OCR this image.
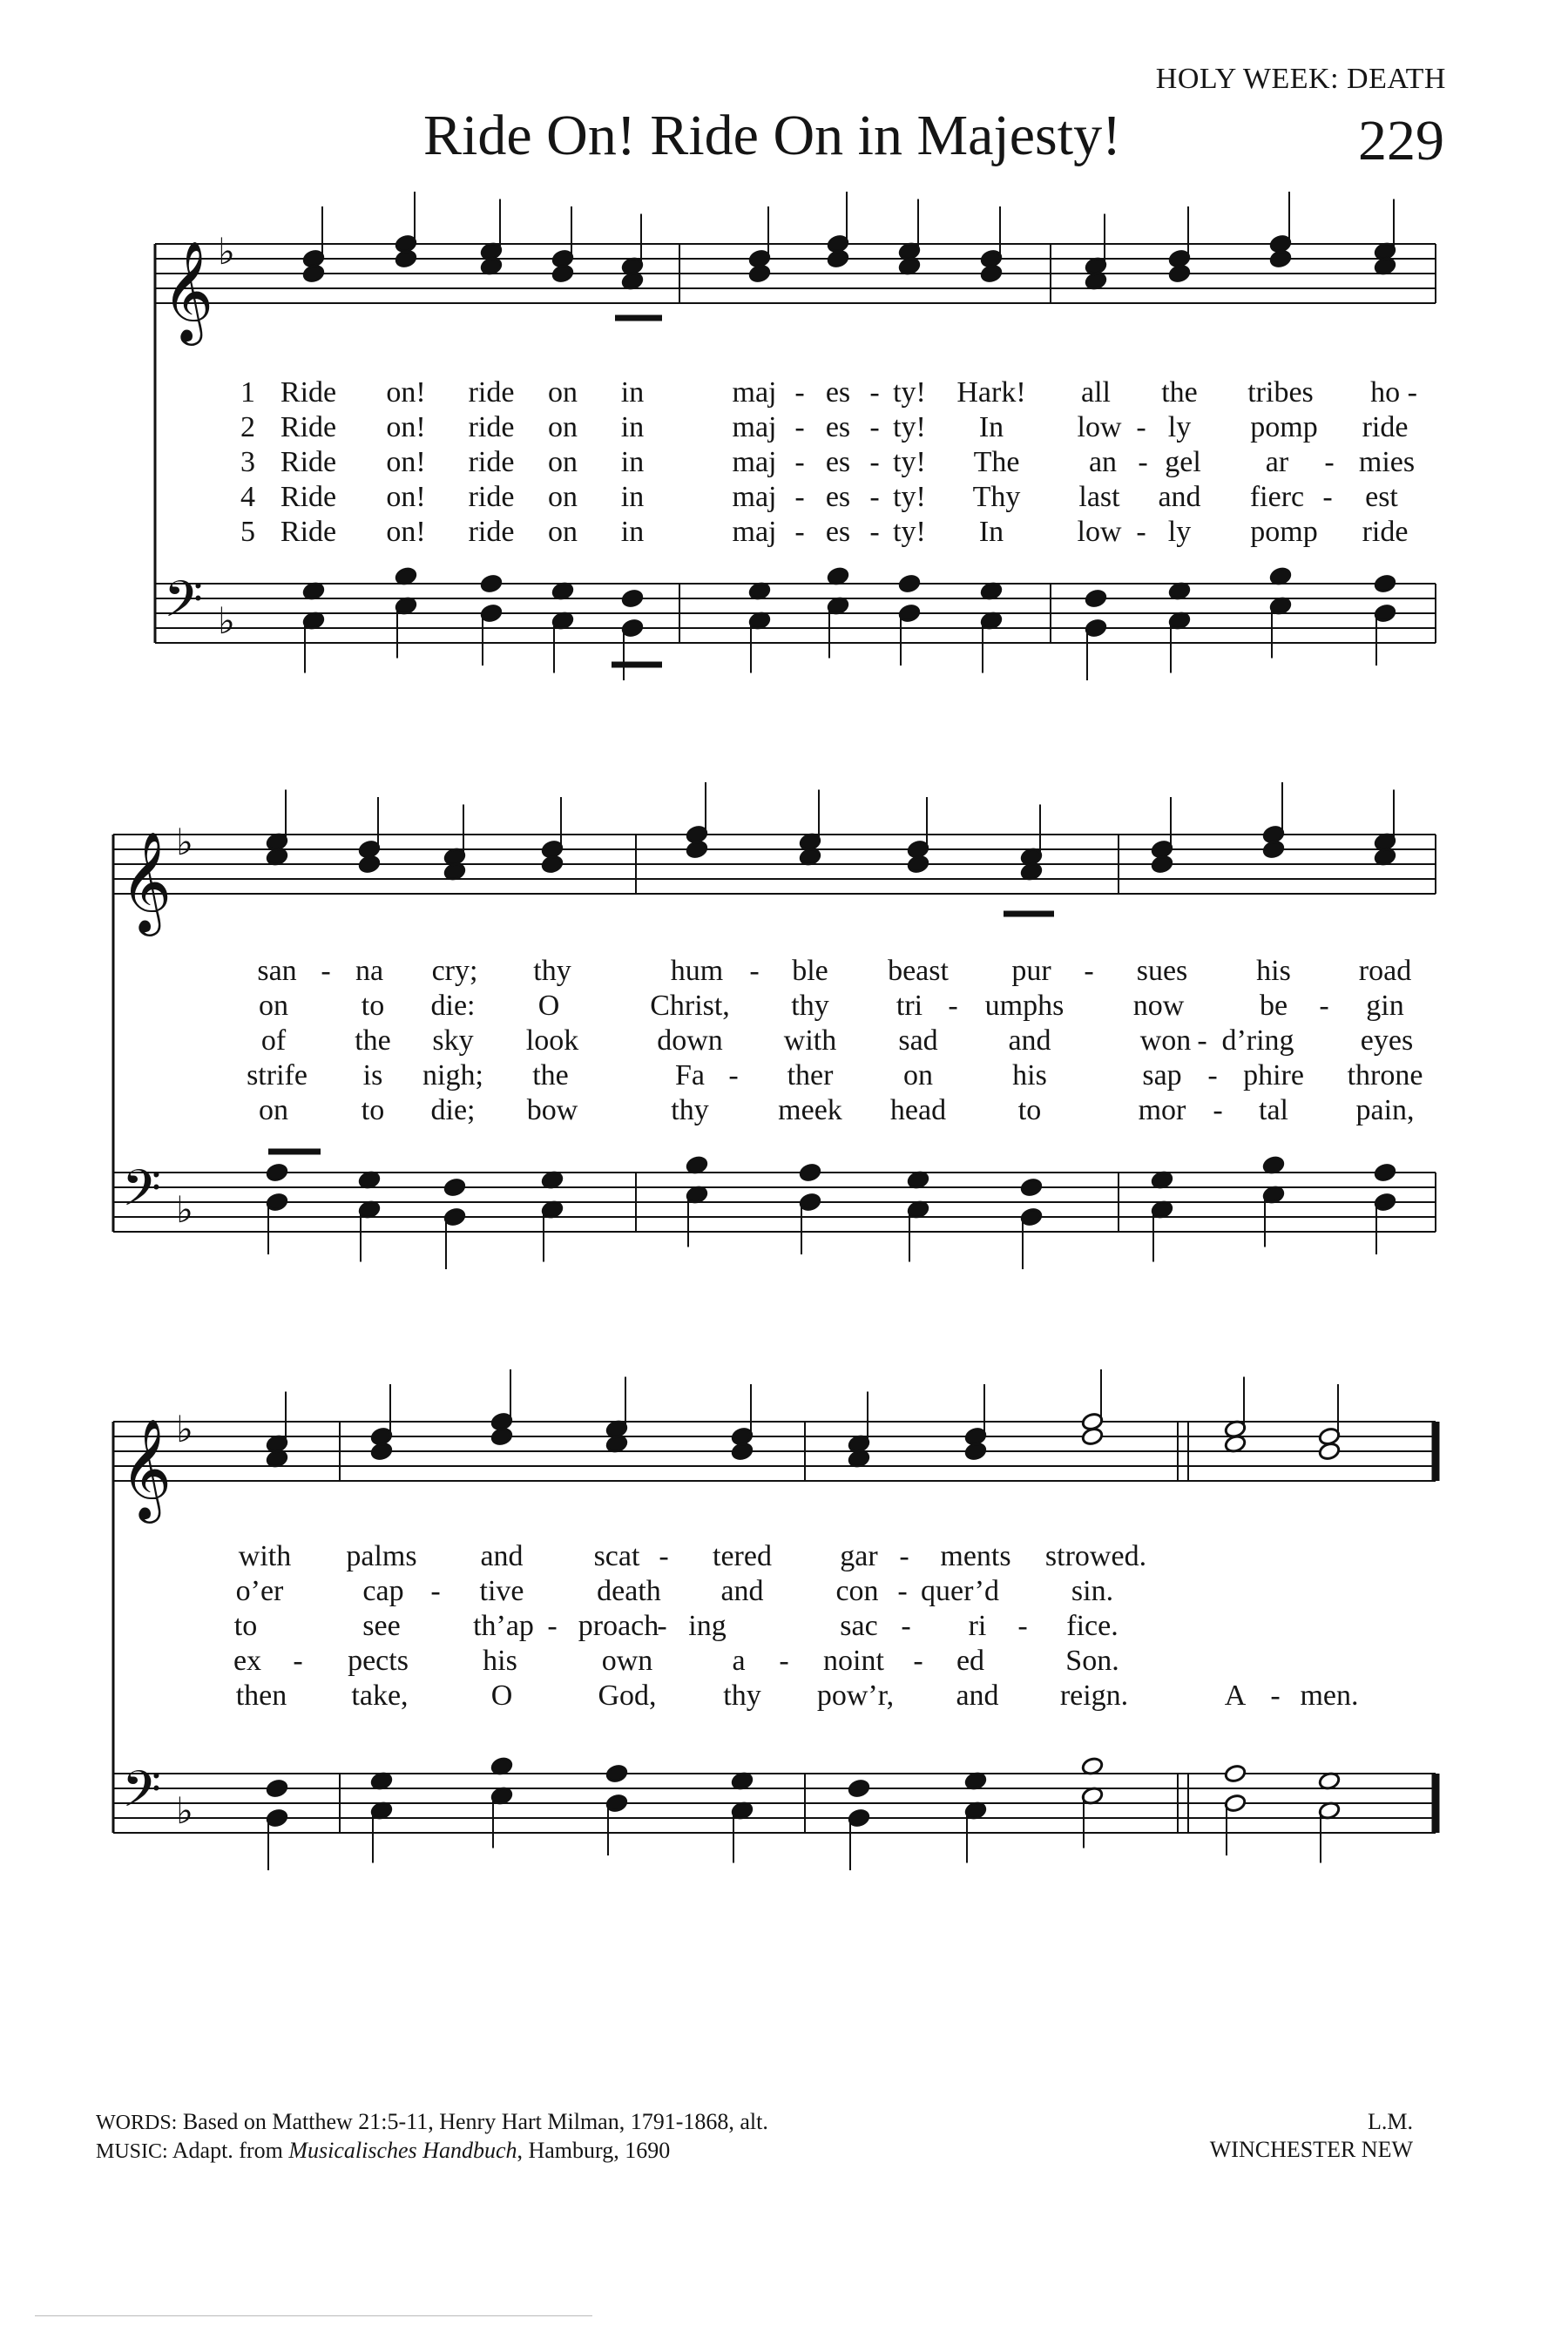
HOLY WEEK: DEATH
Ride On! Ride On in Majesty!	229
𝄞
𝄢
♭
♭
𝄞
𝄢
♭
♭
𝄞
𝄢
♭
♭
1 Ride on! ride on in	maj - es - ty! Hark! all the tribes ho -
2 Ride on! ride on in	maj - es - ty! In low - ly pomp ride
3 Ride on! ride on in	maj - es - ty! The an - gel ar - mies
4 Ride on! ride on in	maj - es - ty! Thy last and fierc - est
5 Ride on! ride on in	maj - es - ty! In low - ly pomp ride
san - na cry; thy	hum - ble beast pur - sues his road
on to die: O	Christ, thy tri - umphs now	be - gin
of the sky look	down with sad and	won - d’ring eyes
strife is nigh; the	Fa - ther on	his	sap - phire throne
on to die; bow	thy meek head to	mor - tal pain,
with palms and scat - tered gar - ments strowed.
o’er	cap - tive death and con - quer’d sin.
to	see th’ap - proach
- ing	sac - ri - fice.
ex - pects	his	own	a - noint - ed	Son.
then take,	O	God, thy pow’r, and reign.	A - men.
WORDS: Based on Matthew 21:5-11, Henry Hart Milman, 1791-1868, alt.
MUSIC: Adapt. from Musicalisches Handbuch, Hamburg, 1690
L.M.
WINCHESTER NEW
